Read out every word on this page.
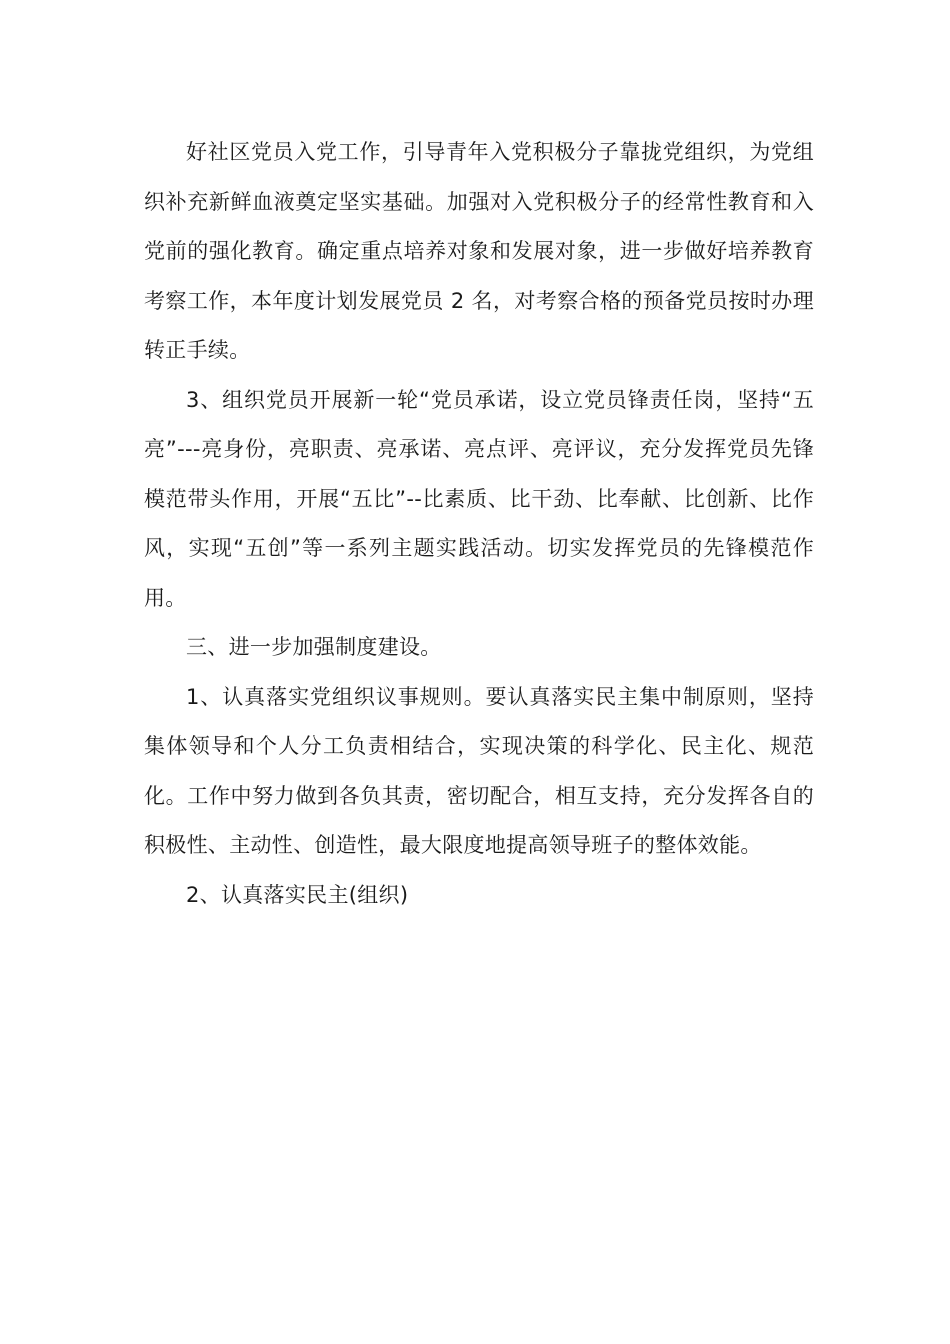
好社区党员入党工作，引导青年入党积极分子靠拢党组织，为党组织补充新鲜血液奠定坚实基础。加强对入党积极分子的经常性教育和入党前的强化教育。确定重点培养对象和发展对象，进一步做好培养教育考察工作，本年度计划发展党员 2 名，对考察合格的预备党员按时办理转正手续。

3、组织党员开展新一轮“党员承诺，设立党员锋责任岗，坚持“五亮”---亮身份，亮职责、亮承诺、亮点评、亮评议，充分发挥党员先锋模范带头作用，开展“五比”--比素质、比干劲、比奉献、比创新、比作风，实现“五创”等一系列主题实践活动。切实发挥党员的先锋模范作用。

三、进一步加强制度建设。

1、认真落实党组织议事规则。要认真落实民主集中制原则，坚持集体领导和个人分工负责相结合，实现决策的科学化、民主化、规范化。工作中努力做到各负其责，密切配合，相互支持，充分发挥各自的积极性、主动性、创造性，最大限度地提高领导班子的整体效能。

2、认真落实民主(组织)
